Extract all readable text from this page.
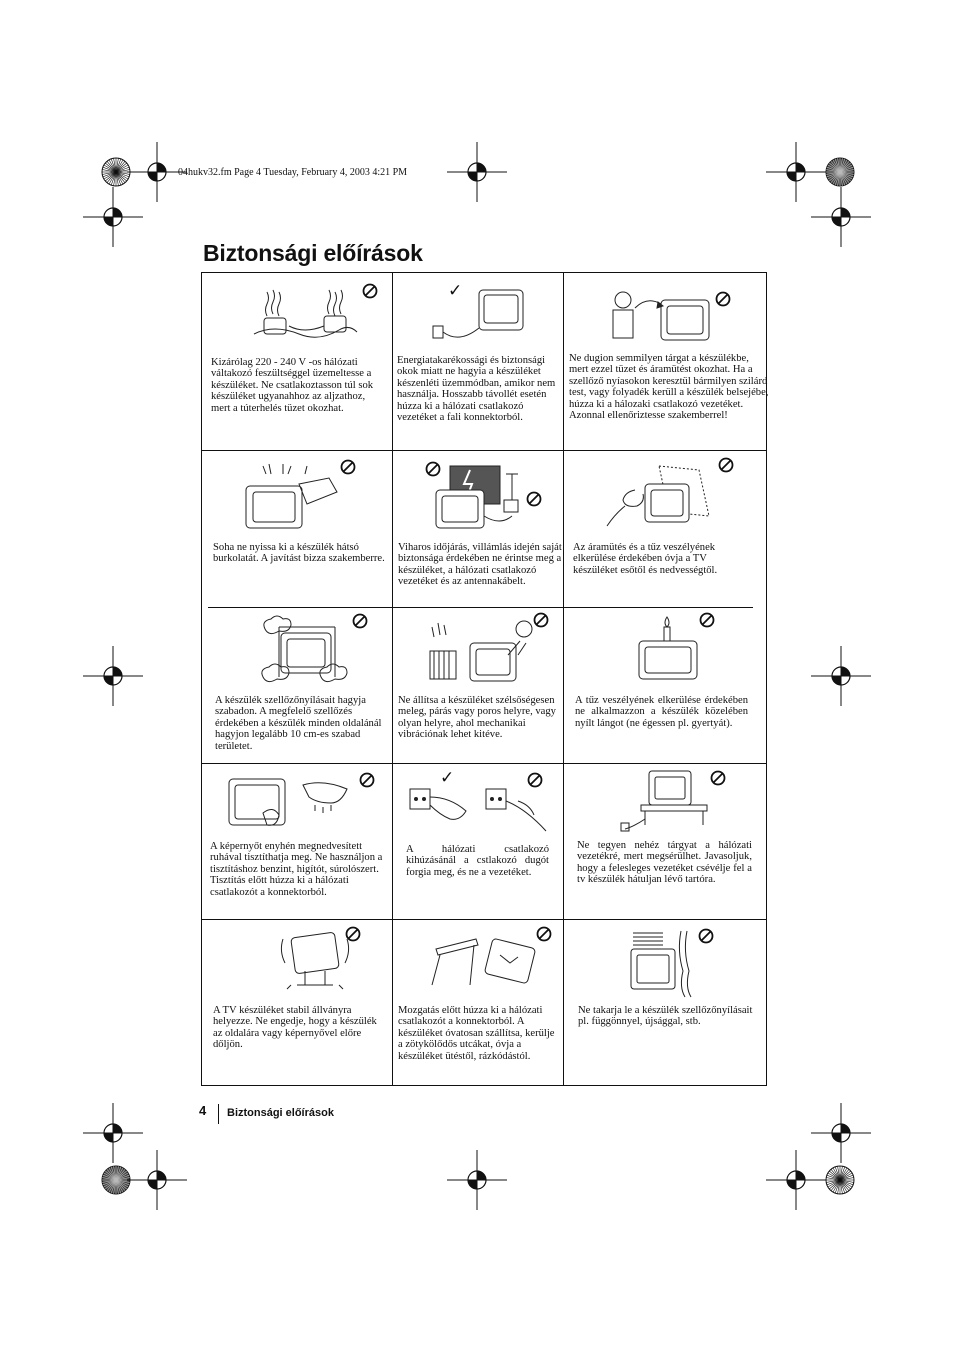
04hukv32.fm Page 4 Tuesday, February 4, 2003 4:21 PM
Biztonsági előírások
Kizárólag 220 - 240 V -os hálózati váltakozó feszültséggel üzemeltesse a készüléket. Ne csatlakoztasson túl sok készüléket ugyanahhoz az aljzathoz, mert a túterhelés tüzet okozhat.
✓
Energiatakarékossági és biztonsági okok miatt ne hagyia a készüléket készenléti üzemmódban, amikor nem használja. Hosszabb távollét esetén húzza ki a hálózati csatlakozó vezetéket a fali konnektorból.
Ne dugion semmilyen tárgat a készülékbe, mert ezzel tüzet és áramütést okozhat. Ha a szellőző nyíasokon keresztül bármilyen szilárd test, vagy folyadék kerüll a készülék belsejébe, húzza ki a hálozaki csatlakozó vezetéket. Azonnal ellenőriztesse szakemberrel!
Soha ne nyissa ki a készülék hátsó burkolatát. A javítást bizza szakemberre.
Viharos időjárás, villámlás idején saját biztonsága érdekében ne érintse meg a készüléket, a hálózati csatlakozó vezetéket és az antennakábelt.
Az áramütés és a tűz veszélyének elkerülése érdekében óvja a TV készüléket esőtől és nedvességtől.
A készülék szellőzőnyílásait hagyja szabadon. A megfelelő szellőzés érdekében a készülék minden oldalánál hagyjon legalább 10 cm-es szabad területet.
Ne állítsa a készüléket szélsőségesen meleg, párás vagy poros helyre, vagy olyan helyre, ahol mechanikai vibrációnak lehet kitéve.
A tűz veszélyének elkerülése érdekében ne alkalmazzon a készülék közelében nyílt lángot (ne égessen pl. gyertyát).
A képernyőt enyhén megnedvesített ruhával tisztíthatja meg. Ne használjon a tisztításhoz benzint, higítót, súrolószert. Tisztítás előtt húzza ki a hálózati csatlakozót a konnektorból.
✓
A hálózati csatlakozó kihúzásánál a cstlakozó dugót forgia meg, és ne a vezetéket.
Ne tegyen nehéz tárgyat a hálózati vezetékré, mert megsérülhet. Javasoljuk, hogy a felesleges vezetéket csévélje fel a tv készülék hátuljan lévő tartóra.
A TV készüléket stabil állványra helyezze. Ne engedje, hogy a készülék az oldalára vagy képernyővel előre dőljön.
Mozgatás előtt húzza ki a hálózati csatlakozót a konnektorból. A készüléket óvatosan szállítsa, kerülje a zötykölődős utcákat, óvja a készüléket ütéstől, rázkódástól.
Ne takarja le a készülék szellőzőnyílásait pl. függönnyel, újsággal, stb.
4 Biztonsági előírások
